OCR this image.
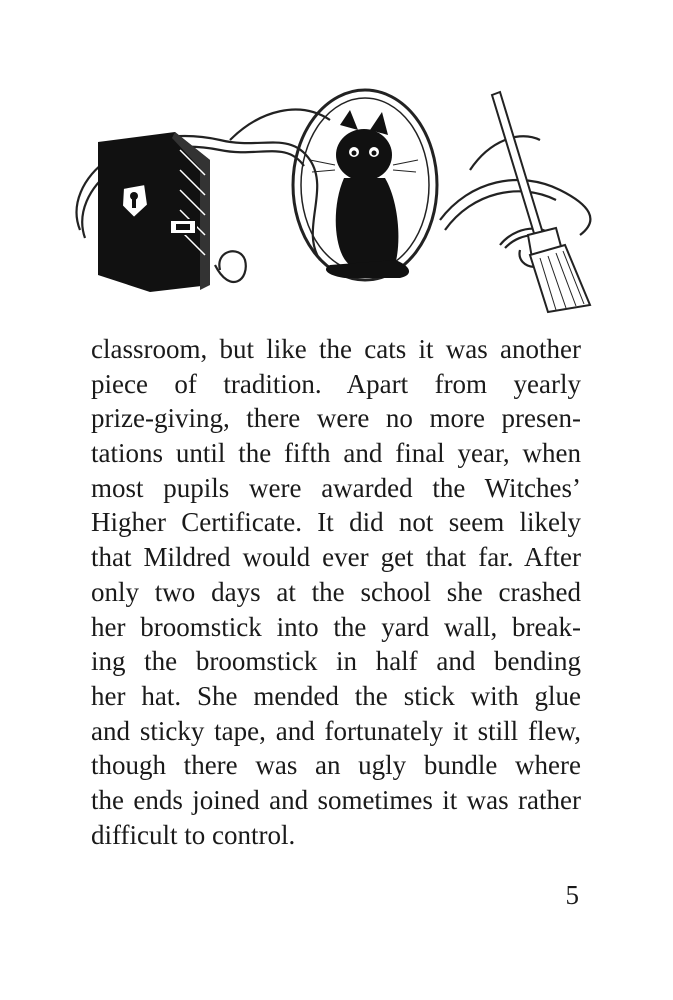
classroom, but like the cats it was another
piece of tradition. Apart from yearly
prize-giving, there were no more presen-
tations until the fifth and final year, when
most pupils were awarded the Witches’
Higher Certificate. It did not seem likely
that Mildred would ever get that far. After
only two days at the school she crashed
her broomstick into the yard wall, break-
ing the broomstick in half and bending
her hat. She mended the stick with glue
and sticky tape, and fortunately it still flew,
though there was an ugly bundle where
the ends joined and sometimes it was rather
difficult to control.
5
